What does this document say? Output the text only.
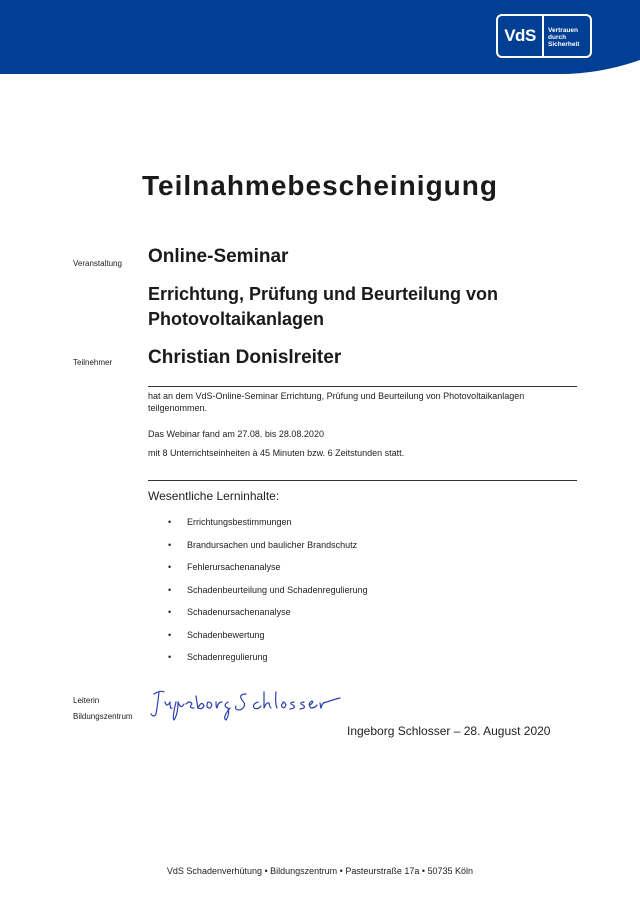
VdS	Vertrauen
durch
Sicherheit
Teilnahmebescheinigung
Veranstaltung Online-Seminar
Errichtung, Prüfung und Beurteilung von Photovoltaikanlagen
Teilnehmer Christian Donislreiter
hat an dem VdS-Online-Seminar Errichtung, Prüfung und Beurteilung von Photovoltaikanlagen teilgenommen.
Das Webinar fand am 27.08. bis 28.08.2020
mit 8 Unterrichtseinheiten à 45 Minuten bzw. 6 Zeitstunden statt.
Wesentliche Lerninhalte:
• Errichtungsbestimmungen
• Brandursachen und baulicher Brandschutz
• Fehlerursachenanalyse
• Schadenbeurteilung und Schadenregulierung
• Schadenursachenanalyse
• Schadenbewertung
• Schadenregulierung
Leiterin
Bildungszentrum
Ingeborg Schlosser – 28. August 2020
VdS Schadenverhütung • Bildungszentrum • Pasteurstraße 17a • 50735 Köln
